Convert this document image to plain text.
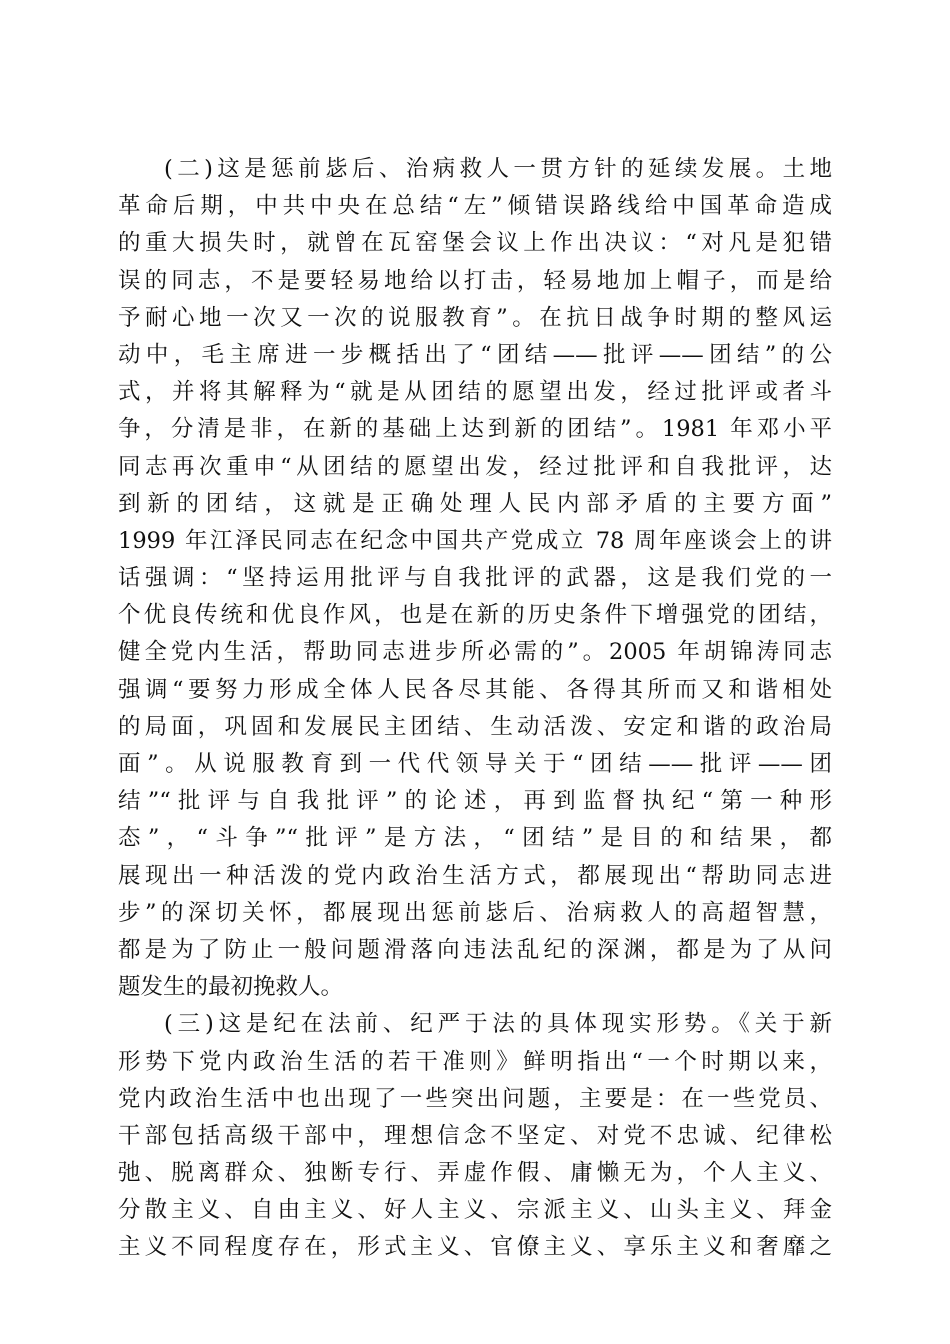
(二)这是惩前毖后、治病救人一贯方针的延续发展。土地
革命后期，中共中央在总结“左”倾错误路线给中国革命造成
的重大损失时，就曾在瓦窑堡会议上作出决议：“对凡是犯错
误的同志，不是要轻易地给以打击，轻易地加上帽子，而是给
予耐心地一次又一次的说服教育”。在抗日战争时期的整风运
动中，毛主席进一步概括出了“团结——批评——团结”的公
式，并将其解释为“就是从团结的愿望出发，经过批评或者斗
争，分清是非，在新的基础上达到新的团结”。1981 年邓小平
同志再次重申“从团结的愿望出发，经过批评和自我批评，达
到新的团结，这就是正确处理人民内部矛盾的主要方面”
1999 年江泽民同志在纪念中国共产党成立 78 周年座谈会上的讲
话强调：“坚持运用批评与自我批评的武器，这是我们党的一
个优良传统和优良作风，也是在新的历史条件下增强党的团结，
健全党内生活，帮助同志进步所必需的”。2005 年胡锦涛同志
强调“要努力形成全体人民各尽其能、各得其所而又和谐相处
的局面，巩固和发展民主团结、生动活泼、安定和谐的政治局
面”。从说服教育到一代代领导关于“团结——批评——团
结”“批评与自我批评”的论述，再到监督执纪“第一种形
态”，“斗争”“批评”是方法，“团结”是目的和结果，都
展现出一种活泼的党内政治生活方式，都展现出“帮助同志进
步”的深切关怀，都展现出惩前毖后、治病救人的高超智慧，
都是为了防止一般问题滑落向违法乱纪的深渊，都是为了从问
题发生的最初挽救人。
(三)这是纪在法前、纪严于法的具体现实形势。《关于新
形势下党内政治生活的若干准则》鲜明指出“一个时期以来，
党内政治生活中也出现了一些突出问题，主要是：在一些党员、
干部包括高级干部中，理想信念不坚定、对党不忠诚、纪律松
弛、脱离群众、独断专行、弄虚作假、庸懒无为，个人主义、
分散主义、自由主义、好人主义、宗派主义、山头主义、拜金
主义不同程度存在，形式主义、官僚主义、享乐主义和奢靡之
